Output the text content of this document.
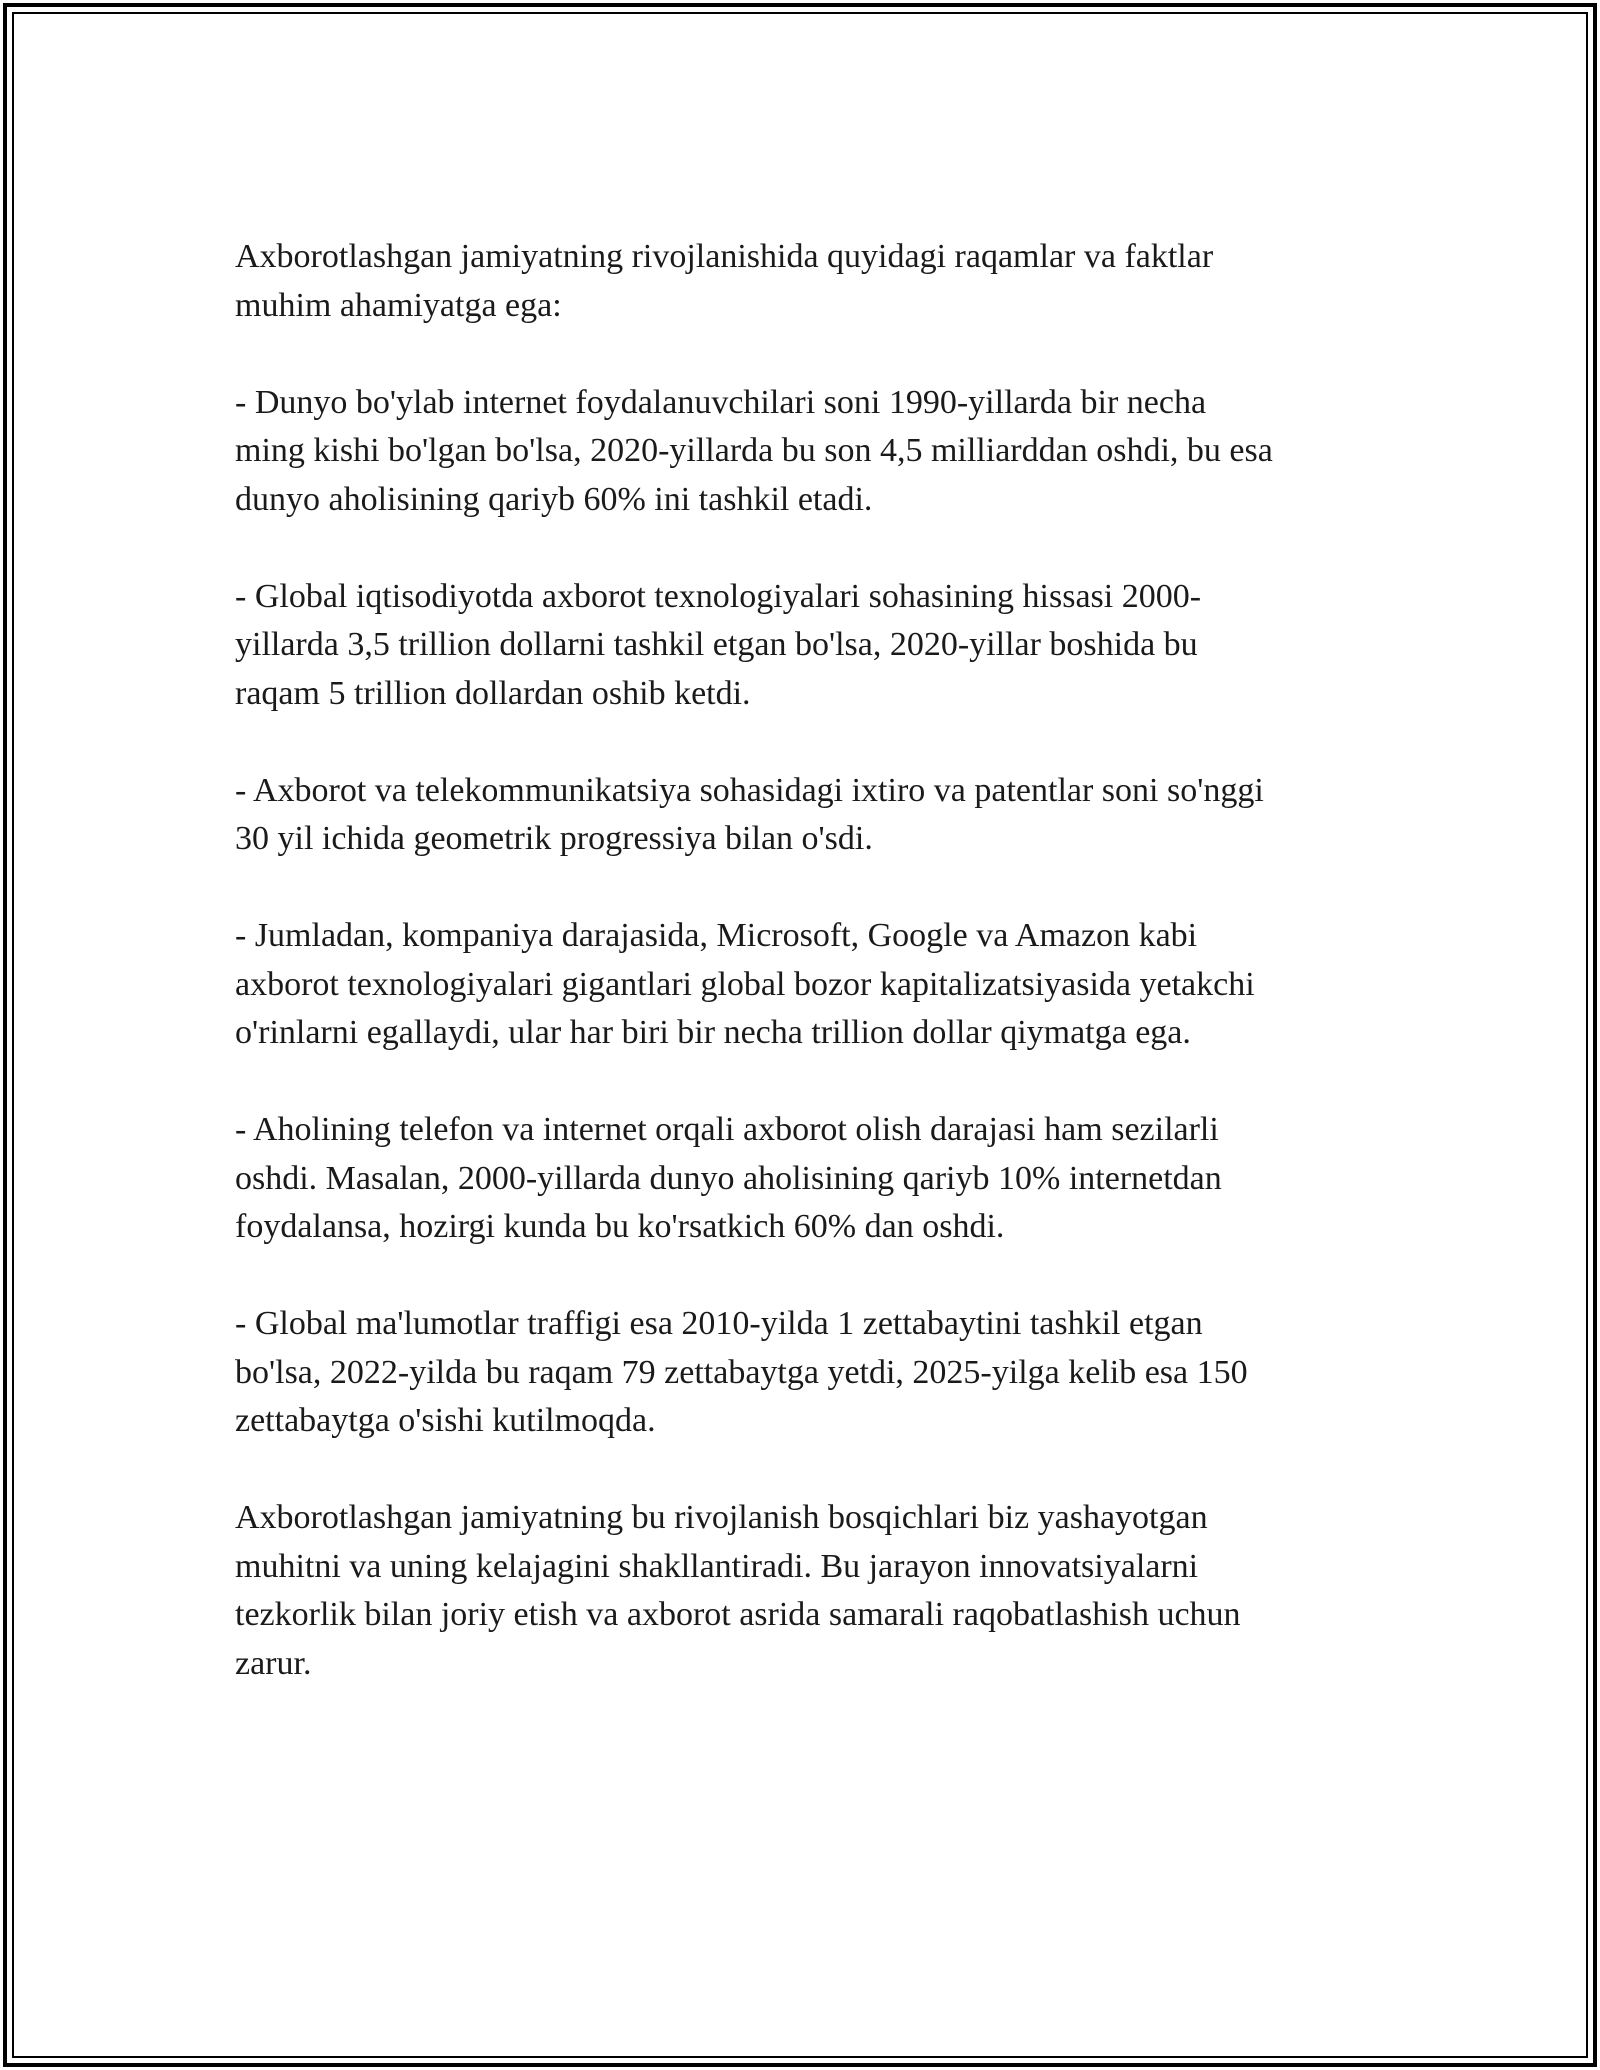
Axborotlashgan jamiyatning rivojlanishida quyidagi raqamlar va faktlar
muhim ahamiyatga ega:

- Dunyo bo'ylab internet foydalanuvchilari soni 1990-yillarda bir necha
ming kishi bo'lgan bo'lsa, 2020-yillarda bu son 4,5 milliarddan oshdi, bu esa
dunyo aholisining qariyb 60% ini tashkil etadi.

- Global iqtisodiyotda axborot texnologiyalari sohasining hissasi 2000-
yillarda 3,5 trillion dollarni tashkil etgan bo'lsa, 2020-yillar boshida bu
raqam 5 trillion dollardan oshib ketdi.

- Axborot va telekommunikatsiya sohasidagi ixtiro va patentlar soni so'nggi
30 yil ichida geometrik progressiya bilan o'sdi.

- Jumladan, kompaniya darajasida, Microsoft, Google va Amazon kabi
axborot texnologiyalari gigantlari global bozor kapitalizatsiyasida yetakchi
o'rinlarni egallaydi, ular har biri bir necha trillion dollar qiymatga ega.

- Aholining telefon va internet orqali axborot olish darajasi ham sezilarli
oshdi. Masalan, 2000-yillarda dunyo aholisining qariyb 10% internetdan
foydalansa, hozirgi kunda bu ko'rsatkich 60% dan oshdi.

- Global ma'lumotlar traffigi esa 2010-yilda 1 zettabaytini tashkil etgan
bo'lsa, 2022-yilda bu raqam 79 zettabaytga yetdi, 2025-yilga kelib esa 150
zettabaytga o'sishi kutilmoqda.

Axborotlashgan jamiyatning bu rivojlanish bosqichlari biz yashayotgan
muhitni va uning kelajagini shakllantiradi. Bu jarayon innovatsiyalarni
tezkorlik bilan joriy etish va axborot asrida samarali raqobatlashish uchun
zarur.
